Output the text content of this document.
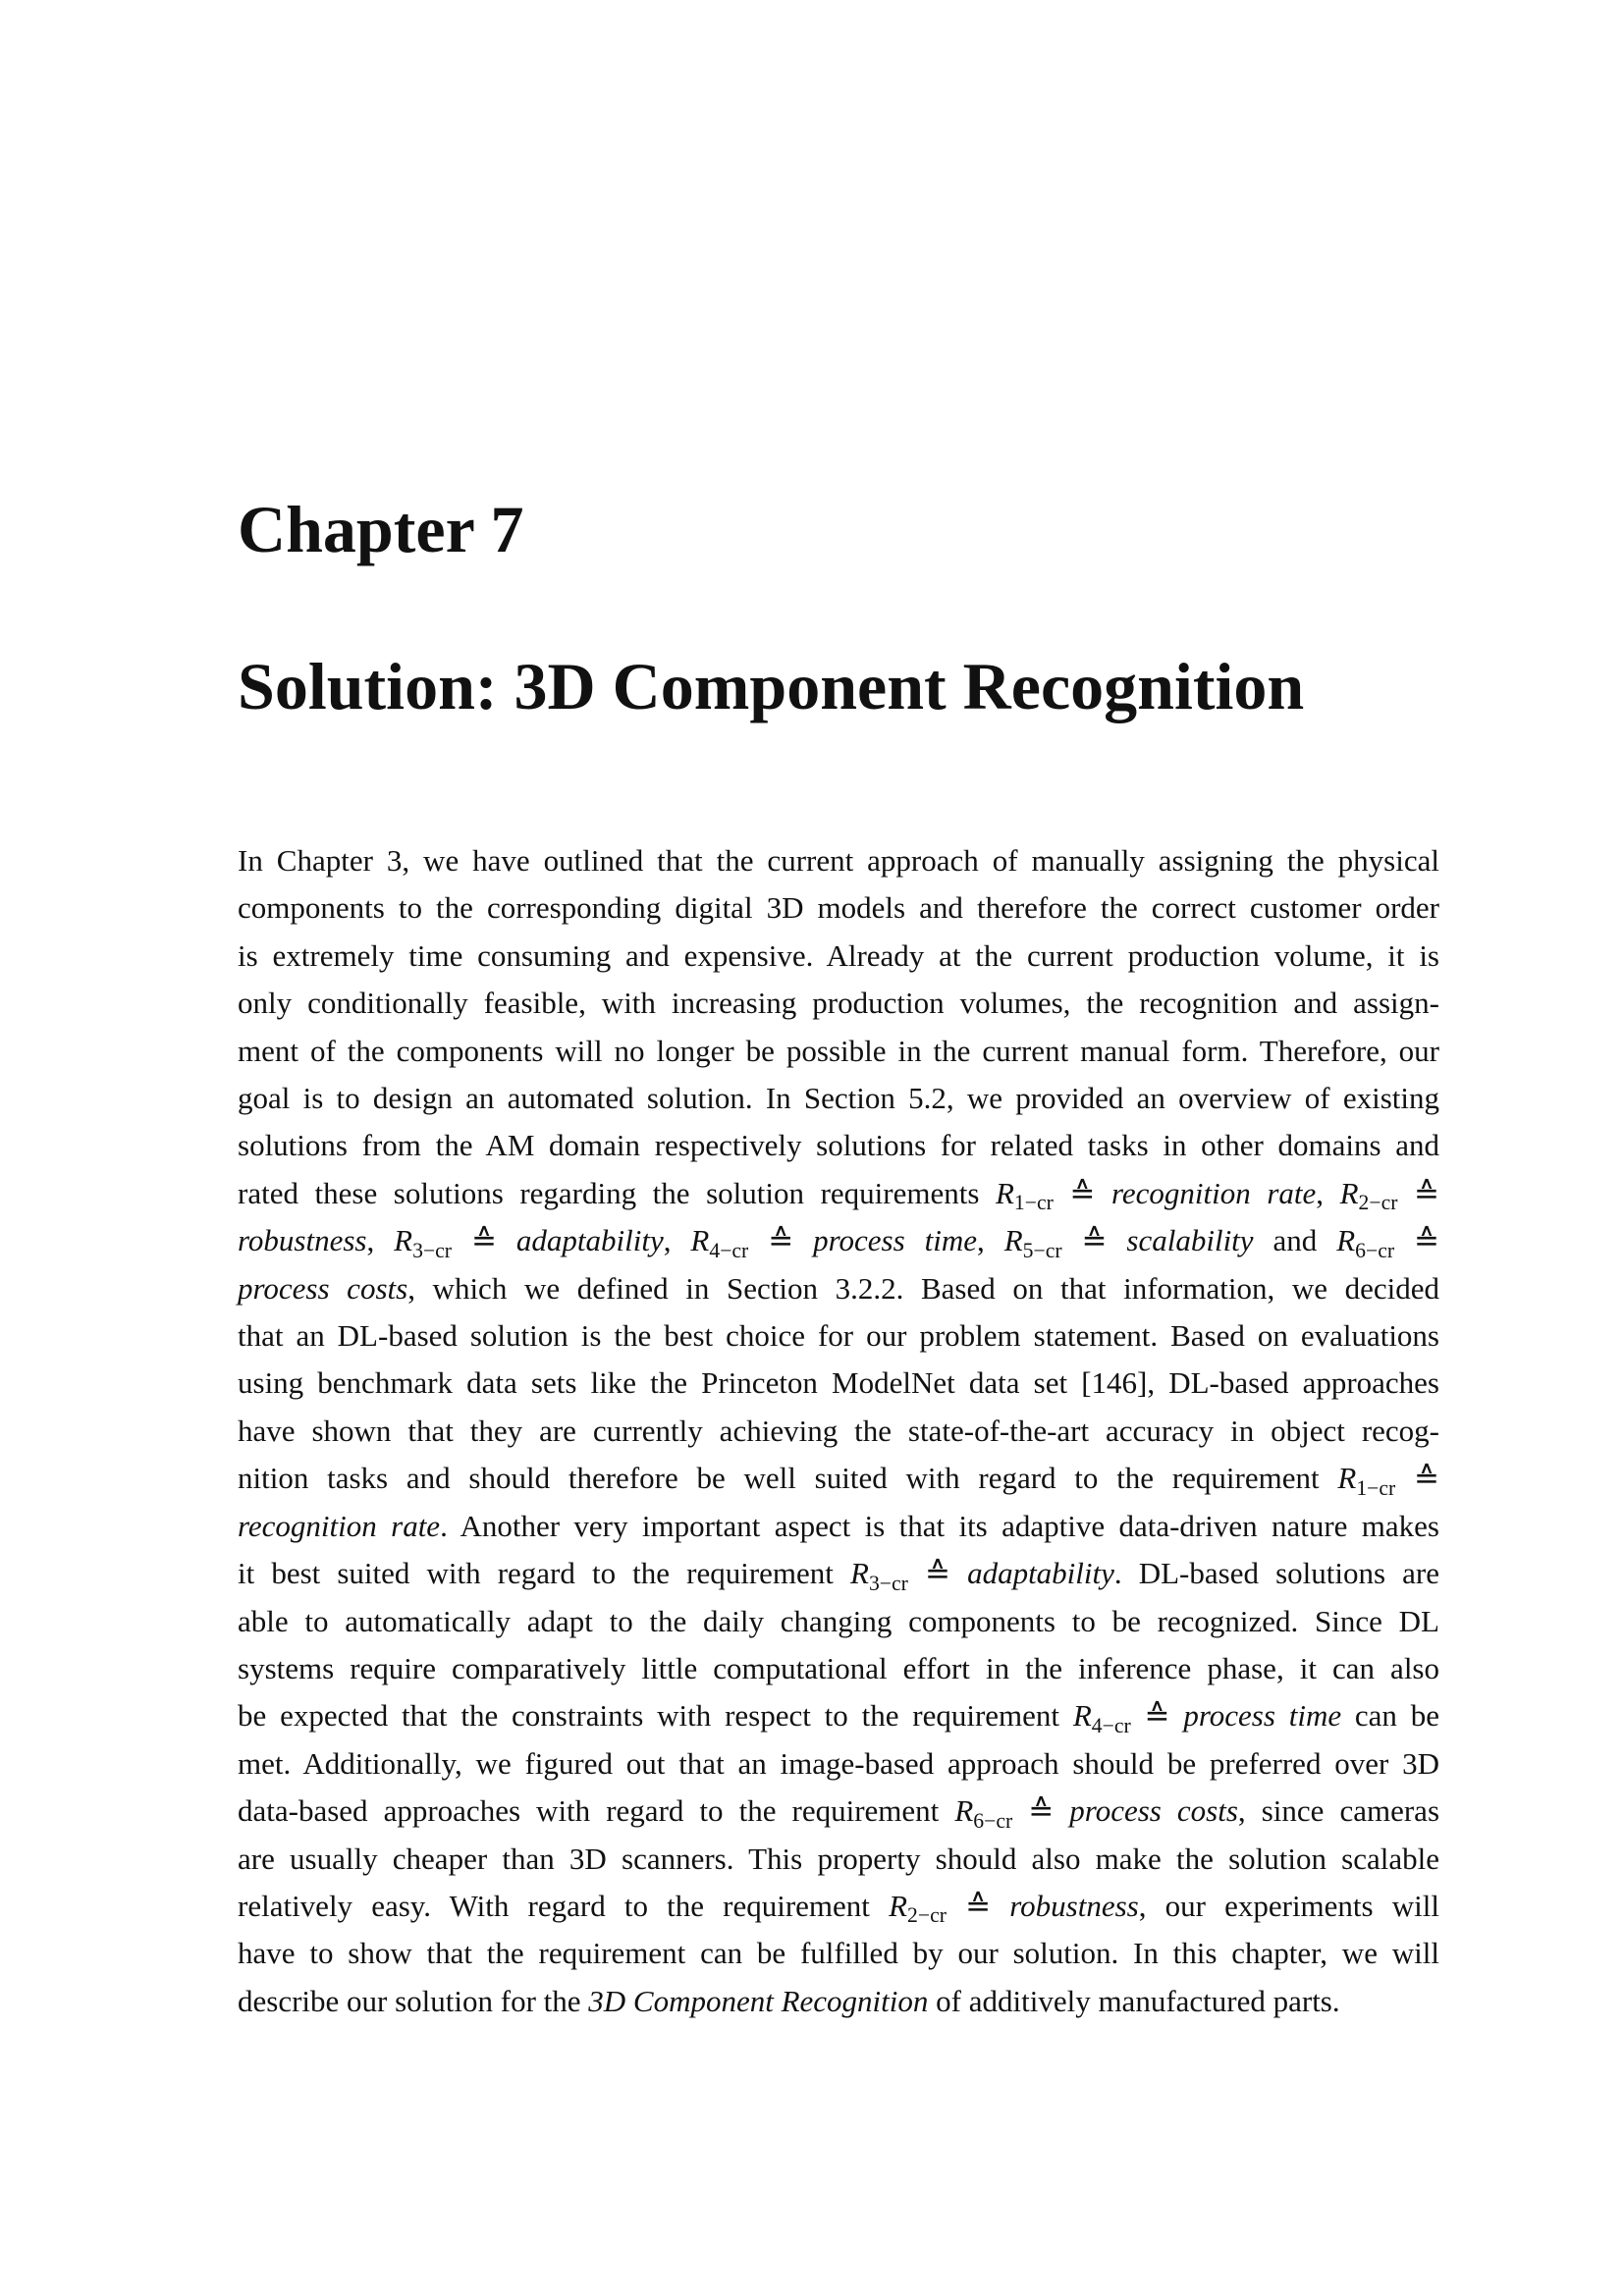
Chapter 7
Solution: 3D Component Recognition
In Chapter 3, we have outlined that the current approach of manually assigning the physical
components to the corresponding digital 3D models and therefore the correct customer order
is extremely time consuming and expensive. Already at the current production volume, it is
only conditionally feasible, with increasing production volumes, the recognition and assign-
ment of the components will no longer be possible in the current manual form. Therefore, our
goal is to design an automated solution. In Section 5.2, we provided an overview of existing
solutions from the AM domain respectively solutions for related tasks in other domains and
rated these solutions regarding the solution requirements $R_{1-cr}$ ≙ recognition rate, $R_{2-cr}$ ≙
robustness, $R_{3-cr}$ ≙ adaptability, $R_{4-cr}$ ≙ process time, $R_{5-cr}$ ≙ scalability and $R_{6-cr}$ ≙
process costs, which we defined in Section 3.2.2. Based on that information, we decided
that an DL-based solution is the best choice for our problem statement. Based on evaluations
using benchmark data sets like the Princeton ModelNet data set [146], DL-based approaches
have shown that they are currently achieving the state-of-the-art accuracy in object recog-
nition tasks and should therefore be well suited with regard to the requirement $R_{1-cr}$ ≙
recognition rate. Another very important aspect is that its adaptive data-driven nature makes
it best suited with regard to the requirement $R_{3-cr}$ ≙ adaptability. DL-based solutions are
able to automatically adapt to the daily changing components to be recognized. Since DL
systems require comparatively little computational effort in the inference phase, it can also
be expected that the constraints with respect to the requirement $R_{4-cr}$ ≙ process time can be
met. Additionally, we figured out that an image-based approach should be preferred over 3D
data-based approaches with regard to the requirement $R_{6-cr}$ ≙ process costs, since cameras
are usually cheaper than 3D scanners. This property should also make the solution scalable
relatively easy. With regard to the requirement $R_{2-cr}$ ≙ robustness, our experiments will
have to show that the requirement can be fulfilled by our solution. In this chapter, we will
describe our solution for the 3D Component Recognition of additively manufactured parts.
